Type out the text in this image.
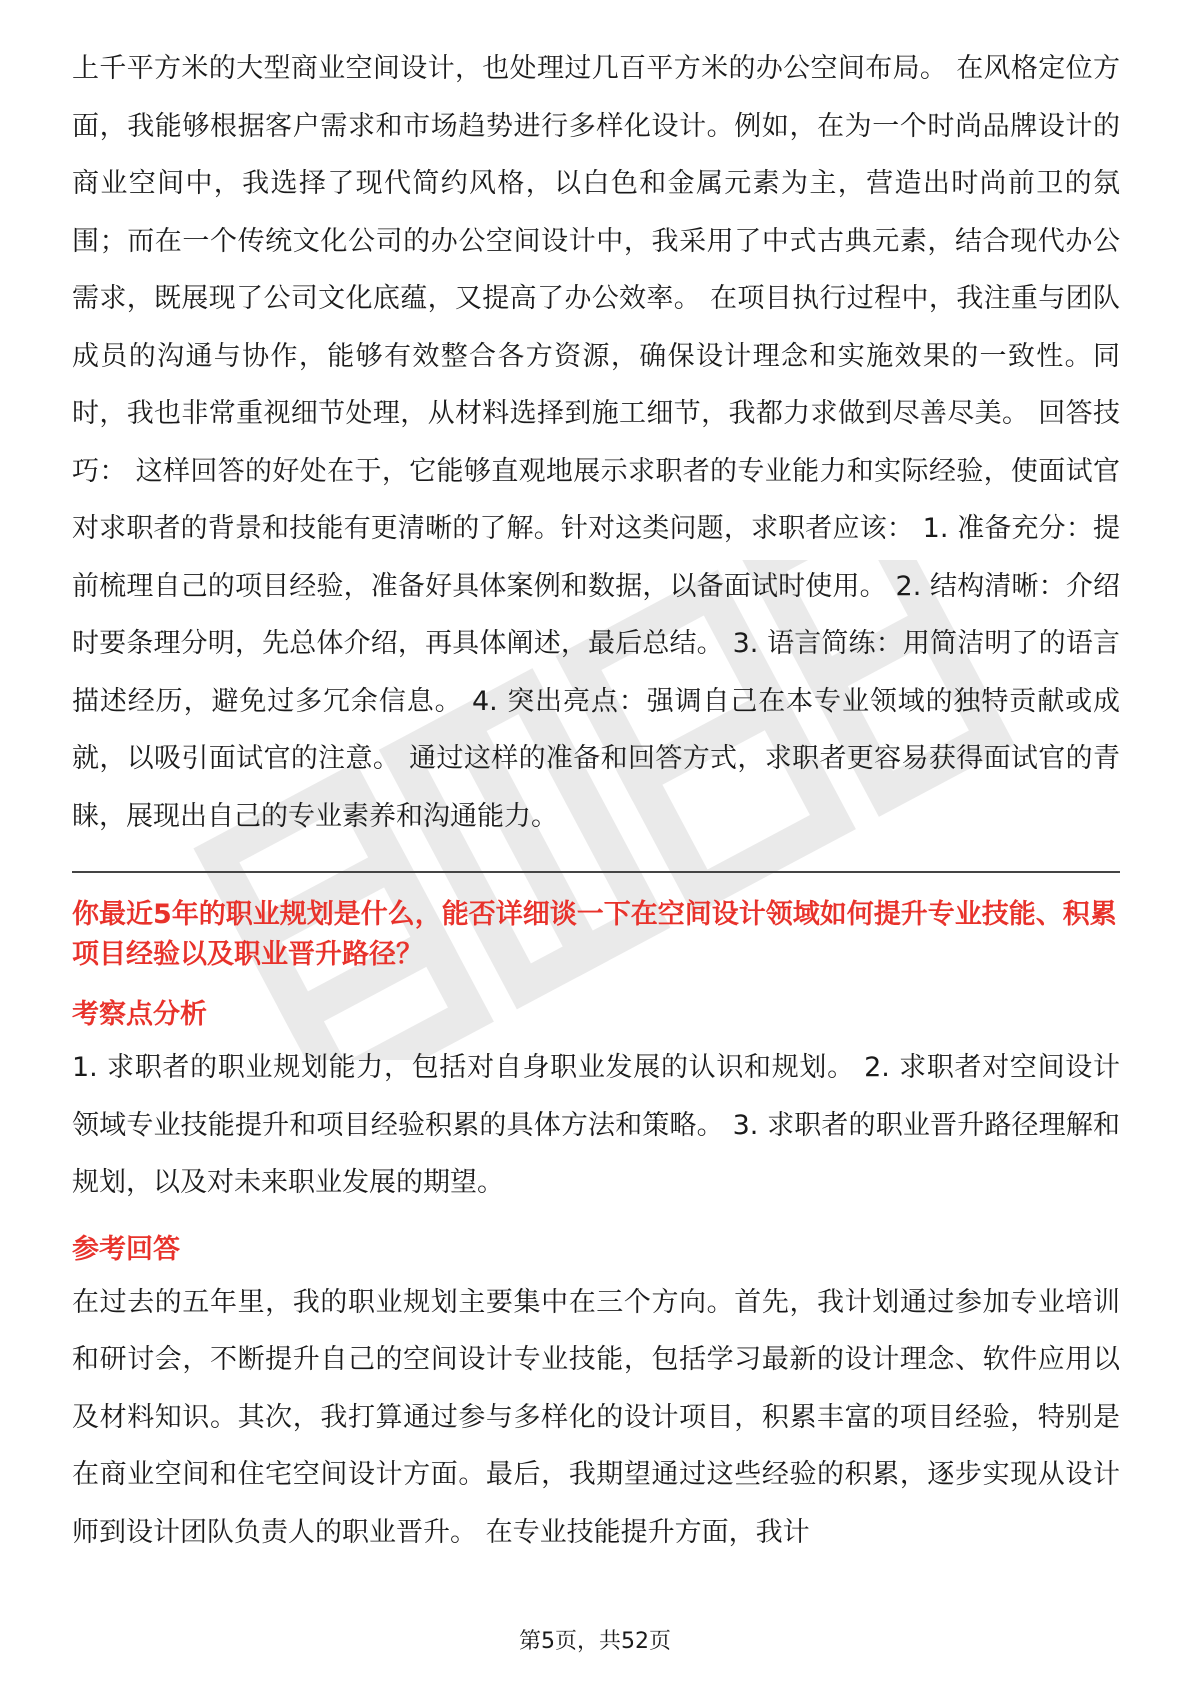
上千平方米的大型商业空间设计，也处理过几百平方米的办公空间布局。 在风格定位方面，我能够根据客户需求和市场趋势进行多样化设计。例如，在为一个时尚品牌设计的商业空间中，我选择了现代简约风格，以白色和金属元素为主，营造出时尚前卫的氛围；而在一个传统文化公司的办公空间设计中，我采用了中式古典元素，结合现代办公需求，既展现了公司文化底蕴，又提高了办公效率。 在项目执行过程中，我注重与团队成员的沟通与协作，能够有效整合各方资源，确保设计理念和实施效果的一致性。同时，我也非常重视细节处理，从材料选择到施工细节，我都力求做到尽善尽美。 回答技巧： 这样回答的好处在于，它能够直观地展示求职者的专业能力和实际经验，使面试官对求职者的背景和技能有更清晰的了解。针对这类问题，求职者应该： 1. 准备充分：提前梳理自己的项目经验，准备好具体案例和数据，以备面试时使用。 2. 结构清晰：介绍时要条理分明，先总体介绍，再具体阐述，最后总结。 3. 语言简练：用简洁明了的语言描述经历，避免过多冗余信息。 4. 突出亮点：强调自己在本专业领域的独特贡献或成就，以吸引面试官的注意。 通过这样的准备和回答方式，求职者更容易获得面试官的青睐，展现出自己的专业素养和沟通能力。

你最近5年的职业规划是什么，能否详细谈一下在空间设计领域如何提升专业技能、积累项目经验以及职业晋升路径？

考察点分析

1. 求职者的职业规划能力，包括对自身职业发展的认识和规划。 2. 求职者对空间设计领域专业技能提升和项目经验积累的具体方法和策略。 3. 求职者的职业晋升路径理解和规划，以及对未来职业发展的期望。

参考回答

在过去的五年里，我的职业规划主要集中在三个方向。首先，我计划通过参加专业培训和研讨会，不断提升自己的空间设计专业技能，包括学习最新的设计理念、软件应用以及材料知识。其次，我打算通过参与多样化的设计项目，积累丰富的项目经验，特别是在商业空间和住宅空间设计方面。最后，我期望通过这些经验的积累，逐步实现从设计师到设计团队负责人的职业晋升。 在专业技能提升方面，我计

第5页，共52页
